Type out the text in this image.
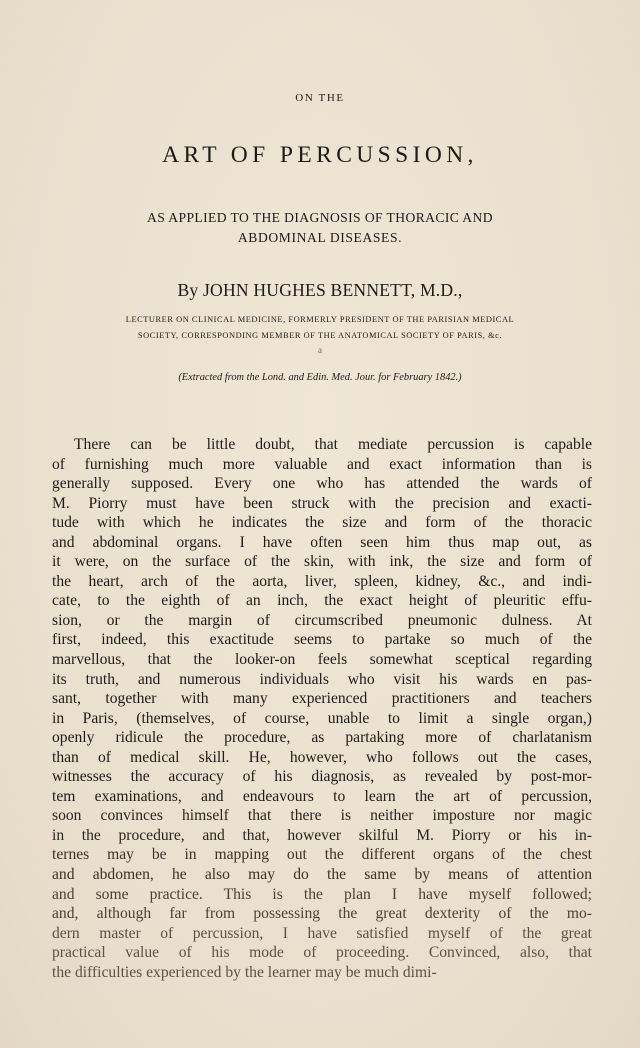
ON THE
ART OF PERCUSSION,
AS APPLIED TO THE DIAGNOSIS OF THORACIC AND
ABDOMINAL DISEASES.
By JOHN HUGHES BENNETT, M.D.,
LECTURER ON CLINICAL MEDICINE, FORMERLY PRESIDENT OF THE PARISIAN MEDICAL
SOCIETY, CORRESPONDING MEMBER OF THE ANATOMICAL SOCIETY OF PARIS, &c.
a
(Extracted from the Lond. and Edin. Med. Jour. for February 1842.)
There can be little doubt, that mediate percussion is capable
of furnishing much more valuable and exact information than is
generally supposed. Every one who has attended the wards of
M. Piorry must have been struck with the precision and exacti-
tude with which he indicates the size and form of the thoracic
and abdominal organs. I have often seen him thus map out, as
it were, on the surface of the skin, with ink, the size and form of
the heart, arch of the aorta, liver, spleen, kidney, &c., and indi-
cate, to the eighth of an inch, the exact height of pleuritic effu-
sion, or the margin of circumscribed pneumonic dulness. At
first, indeed, this exactitude seems to partake so much of the
marvellous, that the looker-on feels somewhat sceptical regarding
its truth, and numerous individuals who visit his wards en pas-
sant, together with many experienced practitioners and teachers
in Paris, (themselves, of course, unable to limit a single organ,)
openly ridicule the procedure, as partaking more of charlatanism
than of medical skill. He, however, who follows out the cases,
witnesses the accuracy of his diagnosis, as revealed by post-mor-
tem examinations, and endeavours to learn the art of percussion,
soon convinces himself that there is neither imposture nor magic
in the procedure, and that, however skilful M. Piorry or his in-
ternes may be in mapping out the different organs of the chest
and abdomen, he also may do the same by means of attention
and some practice. This is the plan I have myself followed;
and, although far from possessing the great dexterity of the mo-
dern master of percussion, I have satisfied myself of the great
practical value of his mode of proceeding. Convinced, also, that
the difficulties experienced by the learner may be much dimi-
